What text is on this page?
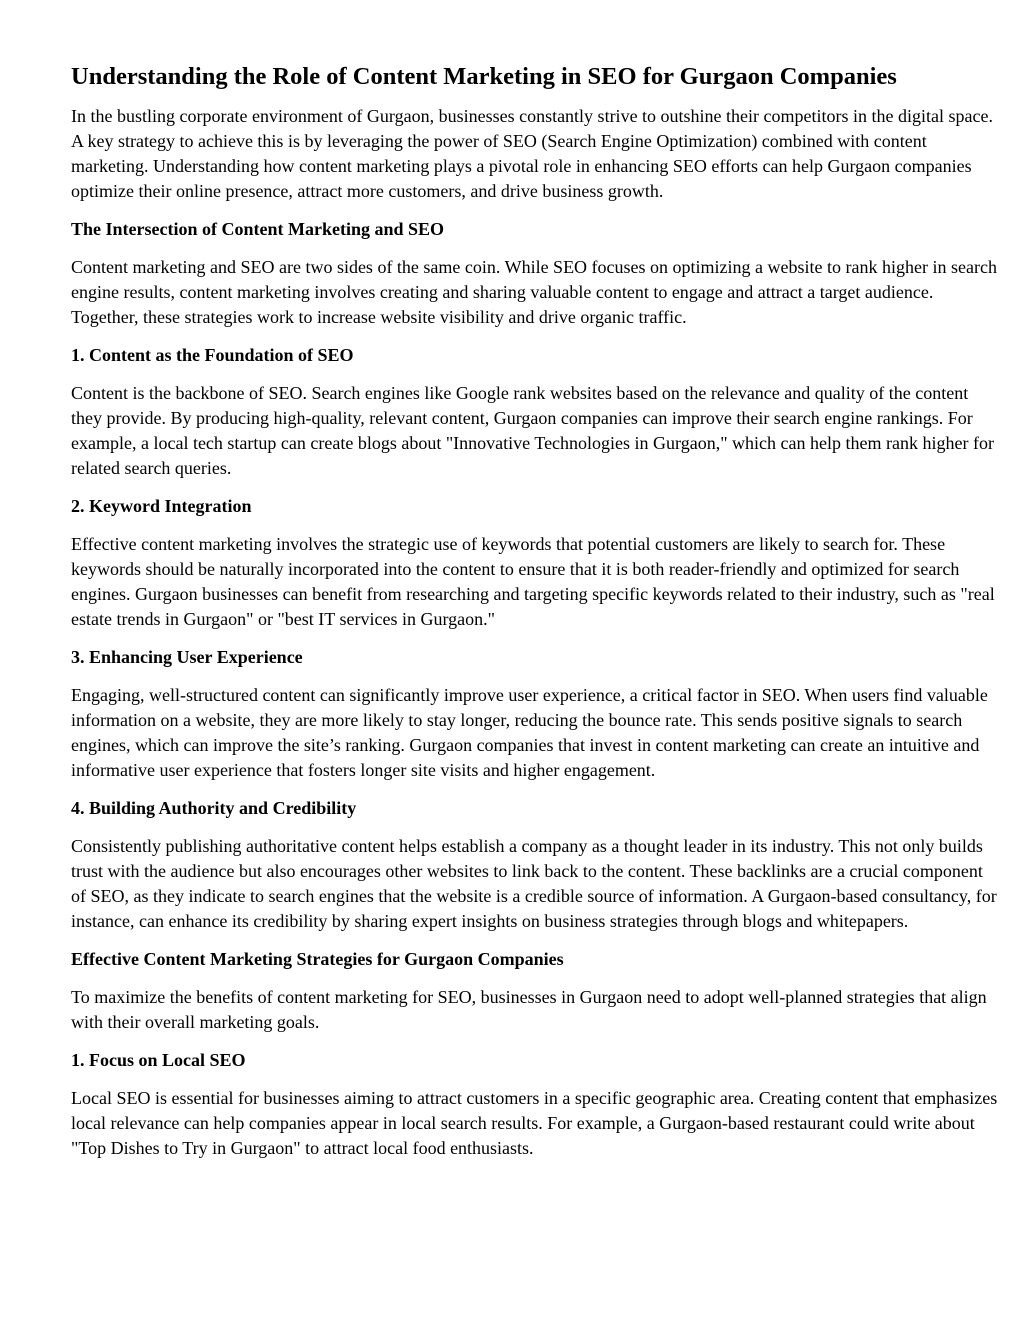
Understanding the Role of Content Marketing in SEO for Gurgaon Companies

In the bustling corporate environment of Gurgaon, businesses constantly strive to outshine their competitors in the digital space. A key strategy to achieve this is by leveraging the power of SEO (Search Engine Optimization) combined with content marketing. Understanding how content marketing plays a pivotal role in enhancing SEO efforts can help Gurgaon companies optimize their online presence, attract more customers, and drive business growth.

The Intersection of Content Marketing and SEO

Content marketing and SEO are two sides of the same coin. While SEO focuses on optimizing a website to rank higher in search engine results, content marketing involves creating and sharing valuable content to engage and attract a target audience. Together, these strategies work to increase website visibility and drive organic traffic.

1. Content as the Foundation of SEO

Content is the backbone of SEO. Search engines like Google rank websites based on the relevance and quality of the content they provide. By producing high-quality, relevant content, Gurgaon companies can improve their search engine rankings. For example, a local tech startup can create blogs about "Innovative Technologies in Gurgaon," which can help them rank higher for related search queries.

2. Keyword Integration

Effective content marketing involves the strategic use of keywords that potential customers are likely to search for. These keywords should be naturally incorporated into the content to ensure that it is both reader-friendly and optimized for search engines. Gurgaon businesses can benefit from researching and targeting specific keywords related to their industry, such as "real estate trends in Gurgaon" or "best IT services in Gurgaon."

3. Enhancing User Experience

Engaging, well-structured content can significantly improve user experience, a critical factor in SEO. When users find valuable information on a website, they are more likely to stay longer, reducing the bounce rate. This sends positive signals to search engines, which can improve the site’s ranking. Gurgaon companies that invest in content marketing can create an intuitive and informative user experience that fosters longer site visits and higher engagement.

4. Building Authority and Credibility

Consistently publishing authoritative content helps establish a company as a thought leader in its industry. This not only builds trust with the audience but also encourages other websites to link back to the content. These backlinks are a crucial component of SEO, as they indicate to search engines that the website is a credible source of information. A Gurgaon-based consultancy, for instance, can enhance its credibility by sharing expert insights on business strategies through blogs and whitepapers.

Effective Content Marketing Strategies for Gurgaon Companies

To maximize the benefits of content marketing for SEO, businesses in Gurgaon need to adopt well-planned strategies that align with their overall marketing goals.

1. Focus on Local SEO

Local SEO is essential for businesses aiming to attract customers in a specific geographic area. Creating content that emphasizes local relevance can help companies appear in local search results. For example, a Gurgaon-based restaurant could write about "Top Dishes to Try in Gurgaon" to attract local food enthusiasts.
